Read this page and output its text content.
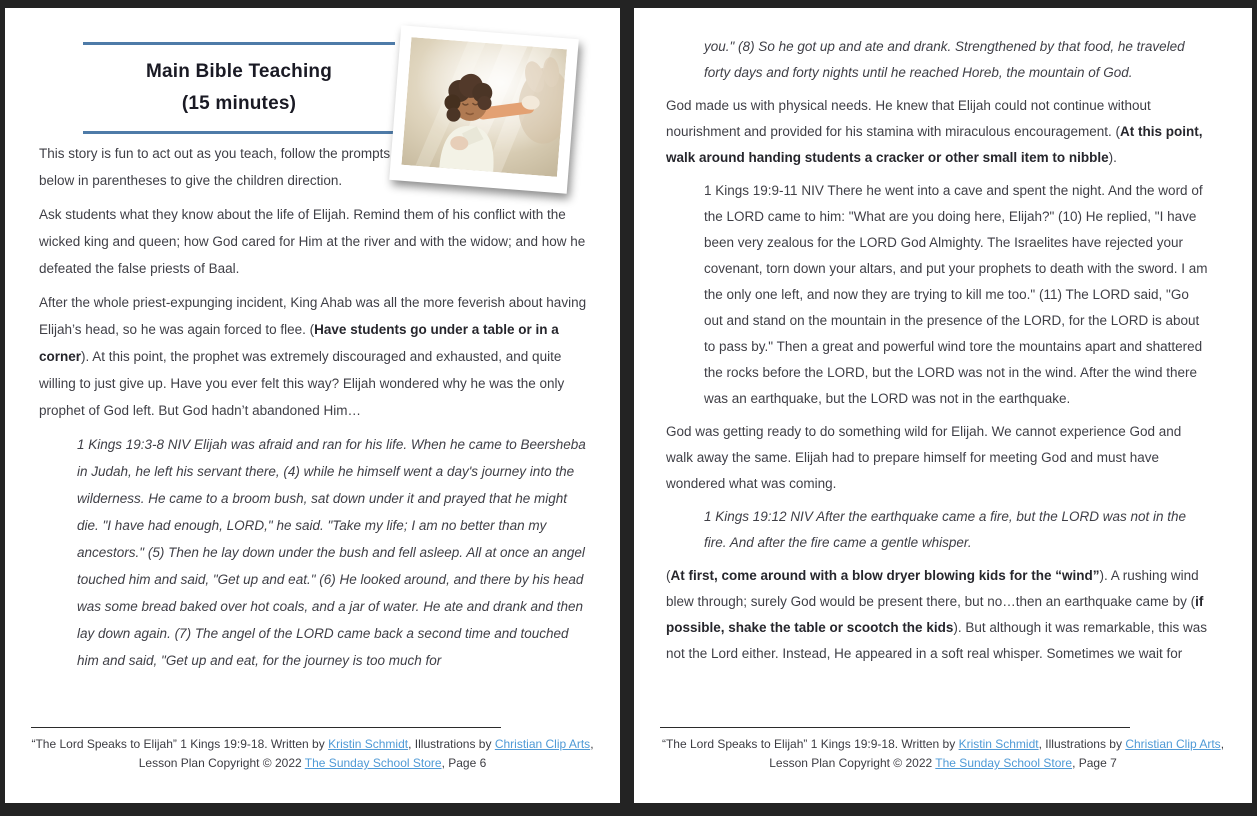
Main Bible Teaching
(15 minutes)

This story is fun to act out as you teach, follow the prompts below in parentheses to give the children direction.

Ask students what they know about the life of Elijah. Remind them of his conflict with the wicked king and queen; how God cared for Him at the river and with the widow; and how he defeated the false priests of Baal.

After the whole priest-expunging incident, King Ahab was all the more feverish about having Elijah’s head, so he was again forced to flee. (Have students go under a table or in a corner). At this point, the prophet was extremely discouraged and exhausted, and quite willing to just give up. Have you ever felt this way? Elijah wondered why he was the only prophet of God left. But God hadn’t abandoned Him…

1 Kings 19:3-8 NIV Elijah was afraid and ran for his life. When he came to Beersheba in Judah, he left his servant there, (4) while he himself went a day's journey into the wilderness. He came to a broom bush, sat down under it and prayed that he might die. "I have had enough, LORD," he said. "Take my life; I am no better than my ancestors." (5) Then he lay down under the bush and fell asleep. All at once an angel touched him and said, "Get up and eat." (6) He looked around, and there by his head was some bread baked over hot coals, and a jar of water. He ate and drank and then lay down again. (7) The angel of the LORD came back a second time and touched him and said, "Get up and eat, for the journey is too much for

“The Lord Speaks to Elijah” 1 Kings 19:9-18. Written by Kristin Schmidt, Illustrations by Christian Clip Arts, Lesson Plan Copyright © 2022 The Sunday School Store, Page 6

you." (8) So he got up and ate and drank. Strengthened by that food, he traveled forty days and forty nights until he reached Horeb, the mountain of God.

God made us with physical needs. He knew that Elijah could not continue without nourishment and provided for his stamina with miraculous encouragement. (At this point, walk around handing students a cracker or other small item to nibble).

1 Kings 19:9-11 NIV There he went into a cave and spent the night. And the word of the LORD came to him: "What are you doing here, Elijah?" (10) He replied, "I have been very zealous for the LORD God Almighty. The Israelites have rejected your covenant, torn down your altars, and put your prophets to death with the sword. I am the only one left, and now they are trying to kill me too." (11) The LORD said, "Go out and stand on the mountain in the presence of the LORD, for the LORD is about to pass by." Then a great and powerful wind tore the mountains apart and shattered the rocks before the LORD, but the LORD was not in the wind. After the wind there was an earthquake, but the LORD was not in the earthquake.

God was getting ready to do something wild for Elijah. We cannot experience God and walk away the same. Elijah had to prepare himself for meeting God and must have wondered what was coming.

1 Kings 19:12 NIV After the earthquake came a fire, but the LORD was not in the fire. And after the fire came a gentle whisper.

(At first, come around with a blow dryer blowing kids for the “wind”). A rushing wind blew through; surely God would be present there, but no…then an earthquake came by (if possible, shake the table or scootch the kids). But although it was remarkable, this was not the Lord either. Instead, He appeared in a soft real whisper. Sometimes we wait for

“The Lord Speaks to Elijah” 1 Kings 19:9-18. Written by Kristin Schmidt, Illustrations by Christian Clip Arts, Lesson Plan Copyright © 2022 The Sunday School Store, Page 7
